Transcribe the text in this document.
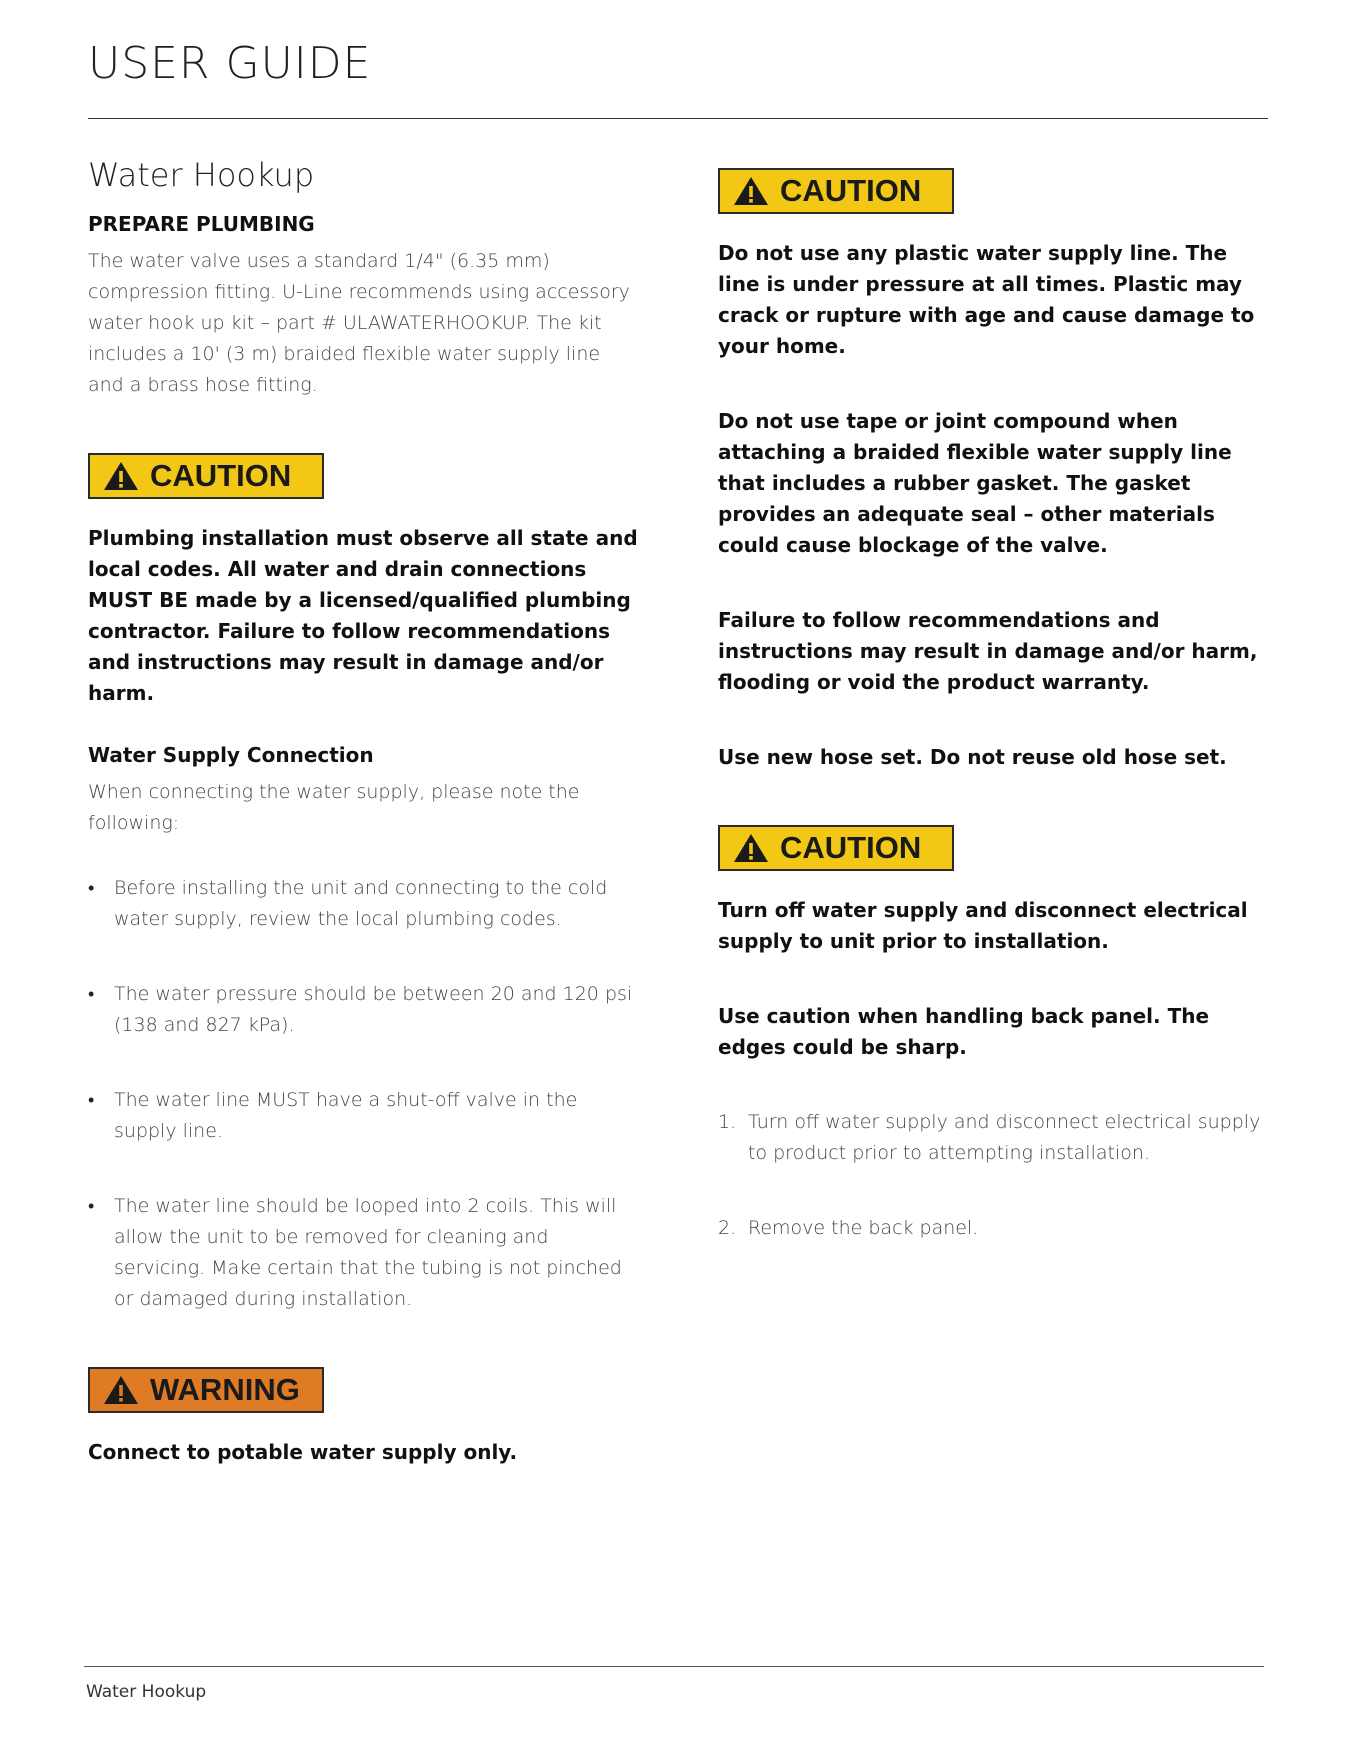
USER GUIDE
Water Hookup
PREPARE PLUMBING

The water valve uses a standard 1/4" (6.35 mm) compression fitting. U-Line recommends using accessory water hook up kit – part # ULAWATERHOOKUP. The kit includes a 10' (3 m) braided flexible water supply line and a brass hose fitting.

CAUTION

Plumbing installation must observe all state and local codes. All water and drain connections MUST BE made by a licensed/qualified plumbing contractor. Failure to follow recommendations and instructions may result in damage and/or harm.

Water Supply Connection

When connecting the water supply, please note the following:

• Before installing the unit and connecting to the cold water supply, review the local plumbing codes.
• The water pressure should be between 20 and 120 psi (138 and 827 kPa).
• The water line MUST have a shut-off valve in the supply line.
• The water line should be looped into 2 coils. This will allow the unit to be removed for cleaning and servicing. Make certain that the tubing is not pinched or damaged during installation.
WARNING

Connect to potable water supply only.

CAUTION

Do not use any plastic water supply line. The line is under pressure at all times. Plastic may crack or rupture with age and cause damage to your home.

Do not use tape or joint compound when attaching a braided flexible water supply line that includes a rubber gasket. The gasket provides an adequate seal – other materials could cause blockage of the valve.

Failure to follow recommendations and instructions may result in damage and/or harm, flooding or void the product warranty.

Use new hose set. Do not reuse old hose set.

CAUTION

Turn off water supply and disconnect electrical supply to unit prior to installation.

Use caution when handling back panel. The edges could be sharp.

1. Turn off water supply and disconnect electrical supply to product prior to attempting installation.
2. Remove the back panel.
Water Hookup
